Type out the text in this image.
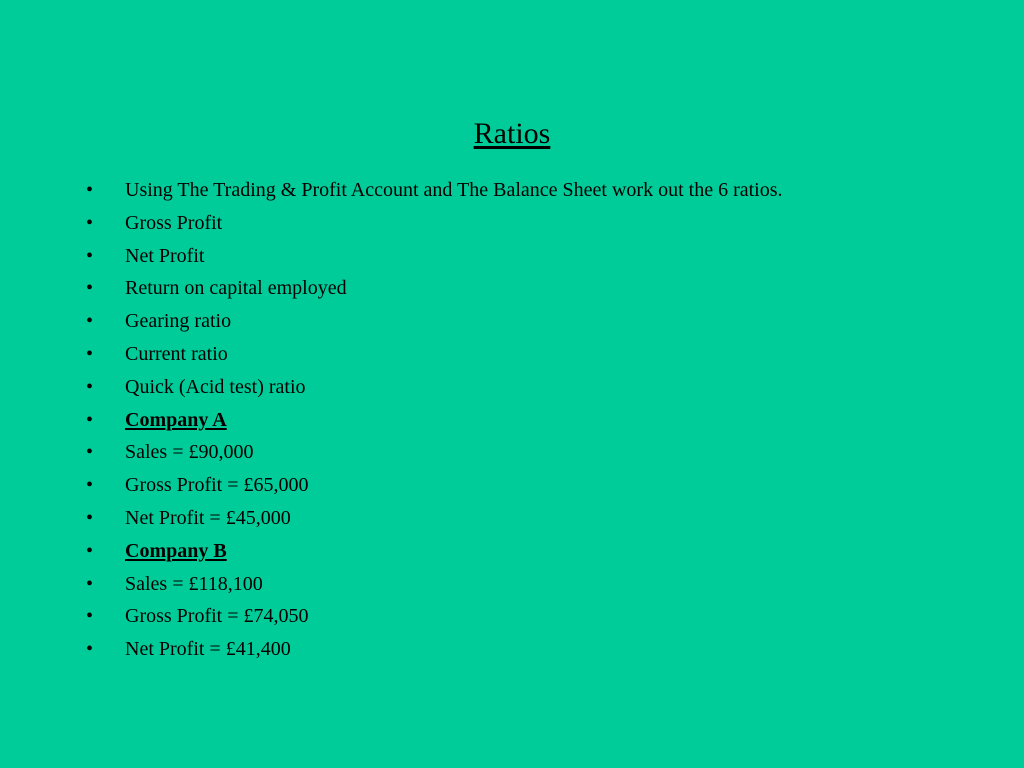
Ratios
•	Using The Trading & Profit Account and The Balance Sheet work out the 6 ratios.
•	Gross Profit
•	Net Profit
•	Return on capital employed
•	Gearing ratio
•	Current ratio
•	Quick (Acid test) ratio
•	Company A
•	Sales = £90,000
•	Gross Profit = £65,000
•	Net Profit = £45,000
•	Company B
•	Sales = £118,100
•	Gross Profit = £74,050
•	Net Profit = £41,400
